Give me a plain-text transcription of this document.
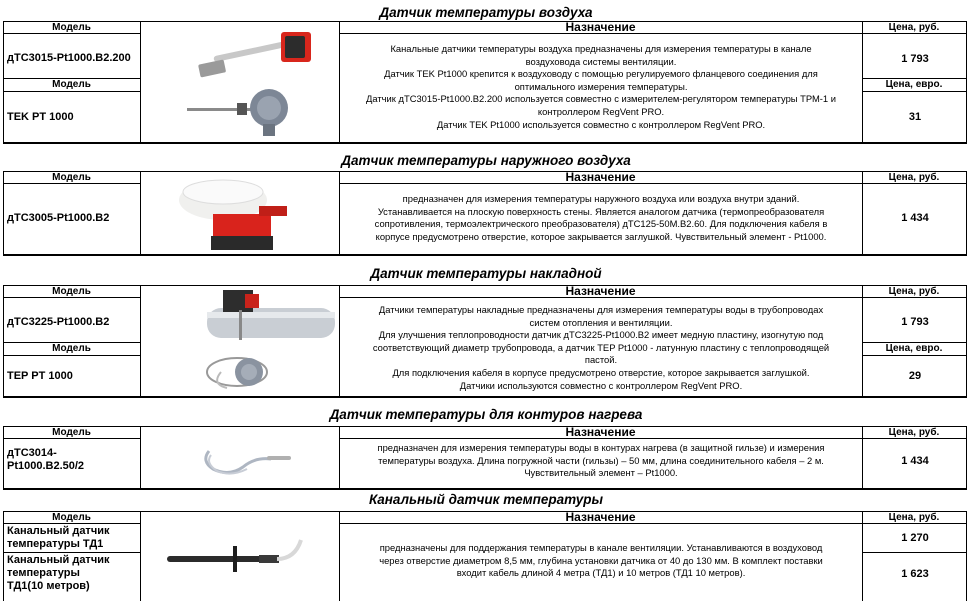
Датчик температуры воздуха
Модель	Назначение	Цена, руб.
дТС3015-Pt1000.В2.200	1 793
Модель	Цена, евро.
TEK PT 1000	31
Канальные датчики температуры воздуха предназначены для измерения температуры в канале
воздуховода системы вентиляции.
Датчик TEK Pt1000 крепится к воздуховоду с помощью регулируемого фланцевого соединения для
оптимального измерения температуры.
Датчик дТС3015-Pt1000.В2.200 используется совместно с измерителем-регулятором температуры ТРМ-1 и
контроллером RegVent PRO.
Датчик TEK Pt1000 используется совместно с контроллером RegVent PRO.
Датчик температуры наружного воздуха
Модель	Назначение	Цена, руб.
дТС3005-Pt1000.В2	1 434
предназначен для измерения температуры наружного воздуха или воздуха внутри зданий.
Устанавливается на плоскую поверхность стены. Является аналогом датчика (термопреобразователя
сопротивления, термоэлектрического преобразователя) дТС125-50М.В2.60. Для подключения кабеля в
корпусе предусмотрено отверстие, которое закрывается заглушкой. Чувствительный элемент - Pt1000.
Датчик температуры накладной
Модель	Назначение	Цена, руб.
дТС3225-Pt1000.В2	1 793
Модель	Цена, евро.
TEP PT 1000	29
Датчики температуры накладные предназначены для измерения температуры воды в трубопроводах
систем отопления и вентиляции.
Для улучшения теплопроводности датчик дТС3225-Pt1000.В2 имеет медную пластину, изогнутую под
соответствующий диаметр трубопровода, а датчик TEP Pt1000 - латунную пластину с теплопроводящей
пастой.
Для подключения кабеля в корпусе предусмотрено отверстие, которое закрывается заглушкой.
Датчики используются совместно с контроллером RegVent PRO.
Датчик температуры для контуров нагрева
Модель	Назначение	Цена, руб.
дТС3014-
Pt1000.В2.50/2	1 434
предназначен для измерения температуры воды в контурах нагрева (в защитной гильзе) и измерения
температуры воздуха. Длина погружной части (гильзы) – 50 мм, длина соединительного кабеля – 2 м.
Чувствительный элемент – Pt1000.
Канальный датчик температуры
Модель	Назначение	Цена, руб.
Канальный датчик
температуры ТД1	1 270
Канальный датчик
температуры
ТД1(10 метров)
1 623
предназначены для поддержания температуры в канале вентиляции. Устанавливаются в воздуховод
через отверстие диаметром 8,5 мм, глубина установки датчика от 40 до 130 мм. В комплект поставки
входит кабель длиной 4 метра (ТД1) и 10 метров (ТД1 10 метров).
